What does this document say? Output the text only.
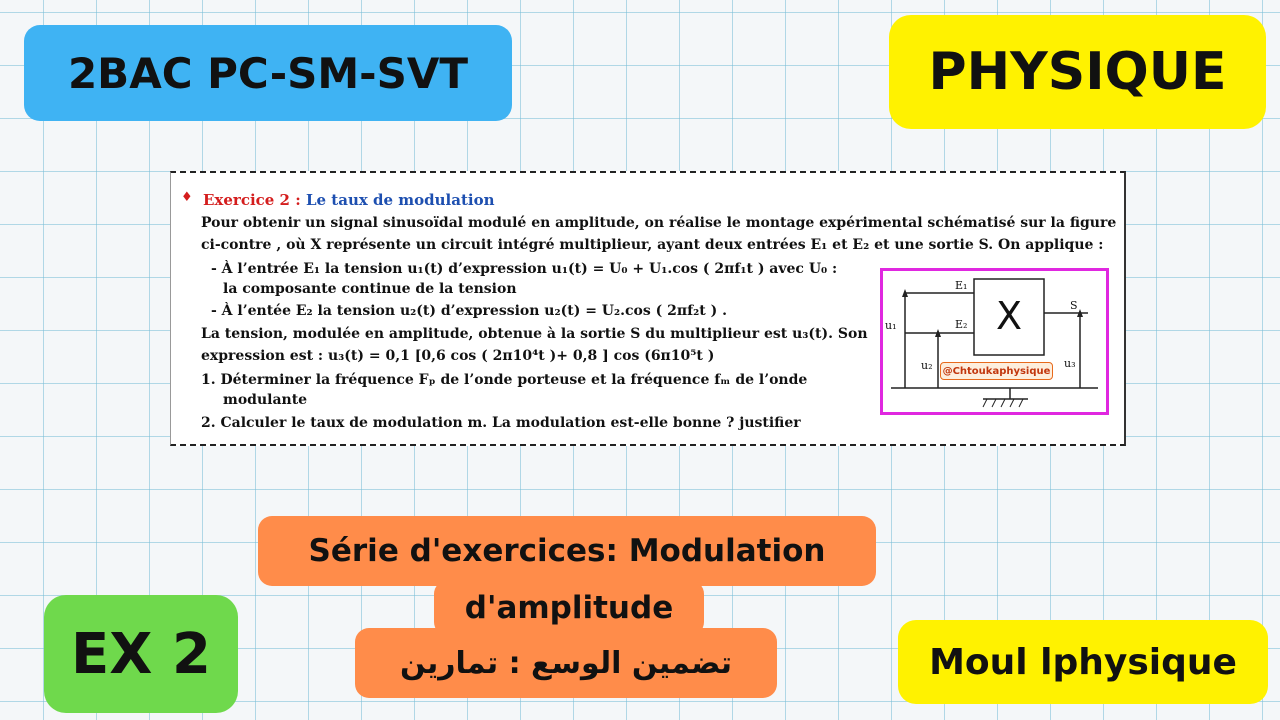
2BAC PC-SM-SVT	PHYSIQUE
♦ Exercice 2 : Le taux de modulation
Pour obtenir un signal sinusoïdal modulé en amplitude, on réalise le montage expérimental schématisé sur la figure
ci-contre , où X représente un circuit intégré multiplieur, ayant deux entrées E₁ et E₂ et une sortie S. On applique :
- À l’entrée E₁ la tension u₁(t) d’expression u₁(t) = U₀ + U₁.cos ( 2πf₁t ) avec U₀ :
la composante continue de la tension
- À l’entée E₂ la tension u₂(t) d’expression u₂(t) = U₂.cos ( 2πf₂t ) .
La tension, modulée en amplitude, obtenue à la sortie S du multiplieur est u₃(t). Son
expression est : u₃(t) = 0,1 [0,6 cos ( 2π10⁴t )+ 0,8 ] cos (6π10⁵t )
1. Déterminer la fréquence Fₚ de l’onde porteuse et la fréquence fₘ de l’onde
modulante
2. Calculer le taux de modulation m. La modulation est-elle bonne ? justifier
X
E₁
E₂
S
u₁
u₂	u₃
@Chtoukaphysique
Série d'exercices: Modulation
d'amplitude
تضمين الوسع : تمارين
EX 2	Moul lphysique
